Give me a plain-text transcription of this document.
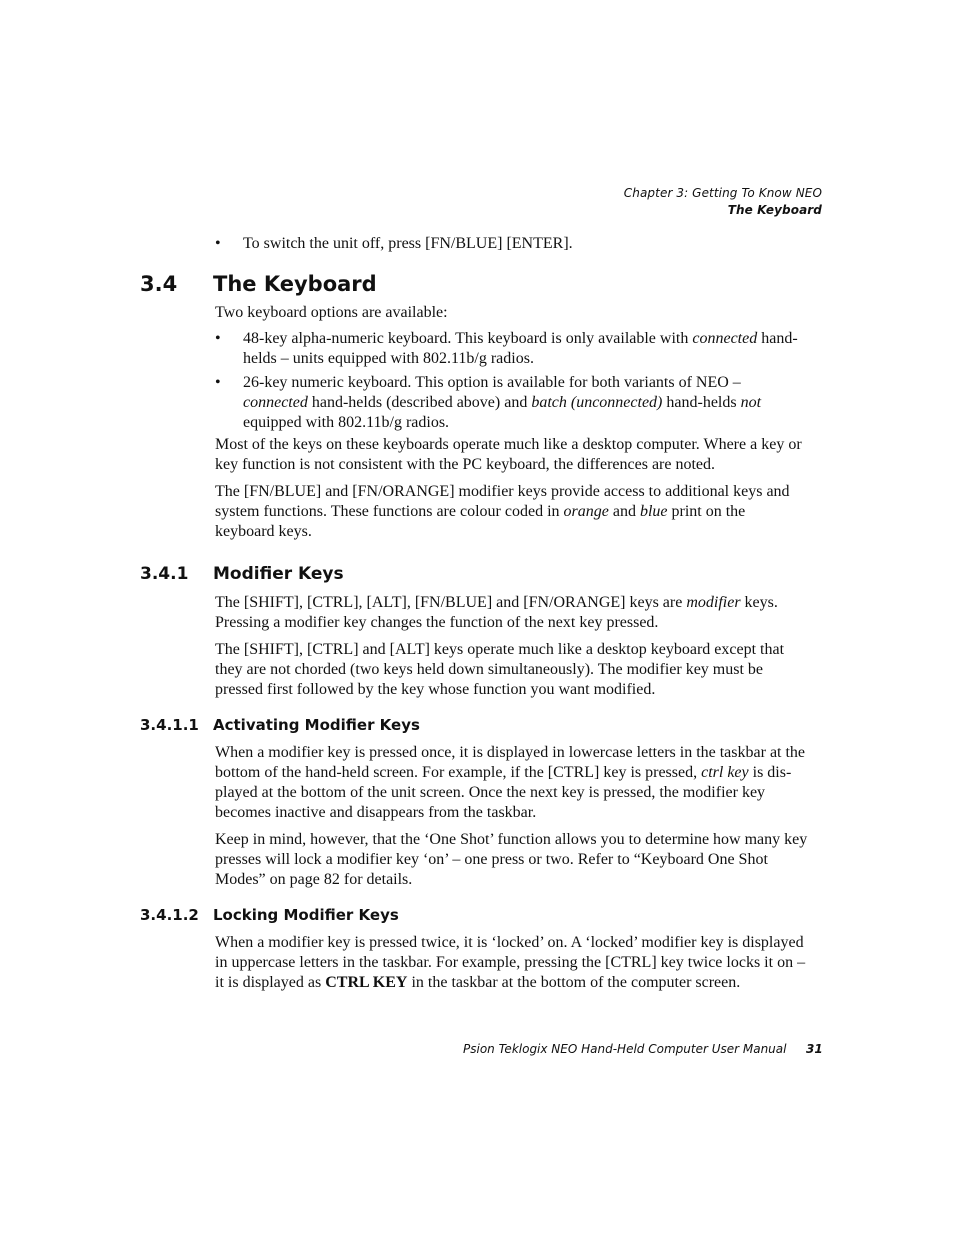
Chapter 3: Getting To Know NEO
The Keyboard
• To switch the unit off, press [FN/BLUE] [ENTER].
3.4 The Keyboard
Two keyboard options are available:
• 48-key alpha-numeric keyboard. This keyboard is only available with connected hand-
helds – units equipped with 802.11b/g radios.
• 26-key numeric keyboard. This option is available for both variants of NEO –
connected hand-helds (described above) and batch (unconnected) hand-helds not
equipped with 802.11b/g radios.
Most of the keys on these keyboards operate much like a desktop computer. Where a key or
key function is not consistent with the PC keyboard, the differences are noted.
The [FN/BLUE] and [FN/ORANGE] modifier keys provide access to additional keys and
system functions. These functions are colour coded in orange and blue print on the
keyboard keys.
3.4.1 Modifier Keys
The [SHIFT], [CTRL], [ALT], [FN/BLUE] and [FN/ORANGE] keys are modifier keys.
Pressing a modifier key changes the function of the next key pressed.
The [SHIFT], [CTRL] and [ALT] keys operate much like a desktop keyboard except that
they are not chorded (two keys held down simultaneously). The modifier key must be
pressed first followed by the key whose function you want modified.
3.4.1.1 Activating Modifier Keys
When a modifier key is pressed once, it is displayed in lowercase letters in the taskbar at the
bottom of the hand-held screen. For example, if the [CTRL] key is pressed, ctrl key is dis-
played at the bottom of the unit screen. Once the next key is pressed, the modifier key
becomes inactive and disappears from the taskbar.
Keep in mind, however, that the ‘One Shot’ function allows you to determine how many key
presses will lock a modifier key ‘on’ – one press or two. Refer to “Keyboard One Shot
Modes” on page 82 for details.
3.4.1.2 Locking Modifier Keys
When a modifier key is pressed twice, it is ‘locked’ on. A ‘locked’ modifier key is displayed
in uppercase letters in the taskbar. For example, pressing the [CTRL] key twice locks it on –
it is displayed as CTRL KEY in the taskbar at the bottom of the computer screen.
Psion Teklogix NEO Hand-Held Computer User Manual 31
